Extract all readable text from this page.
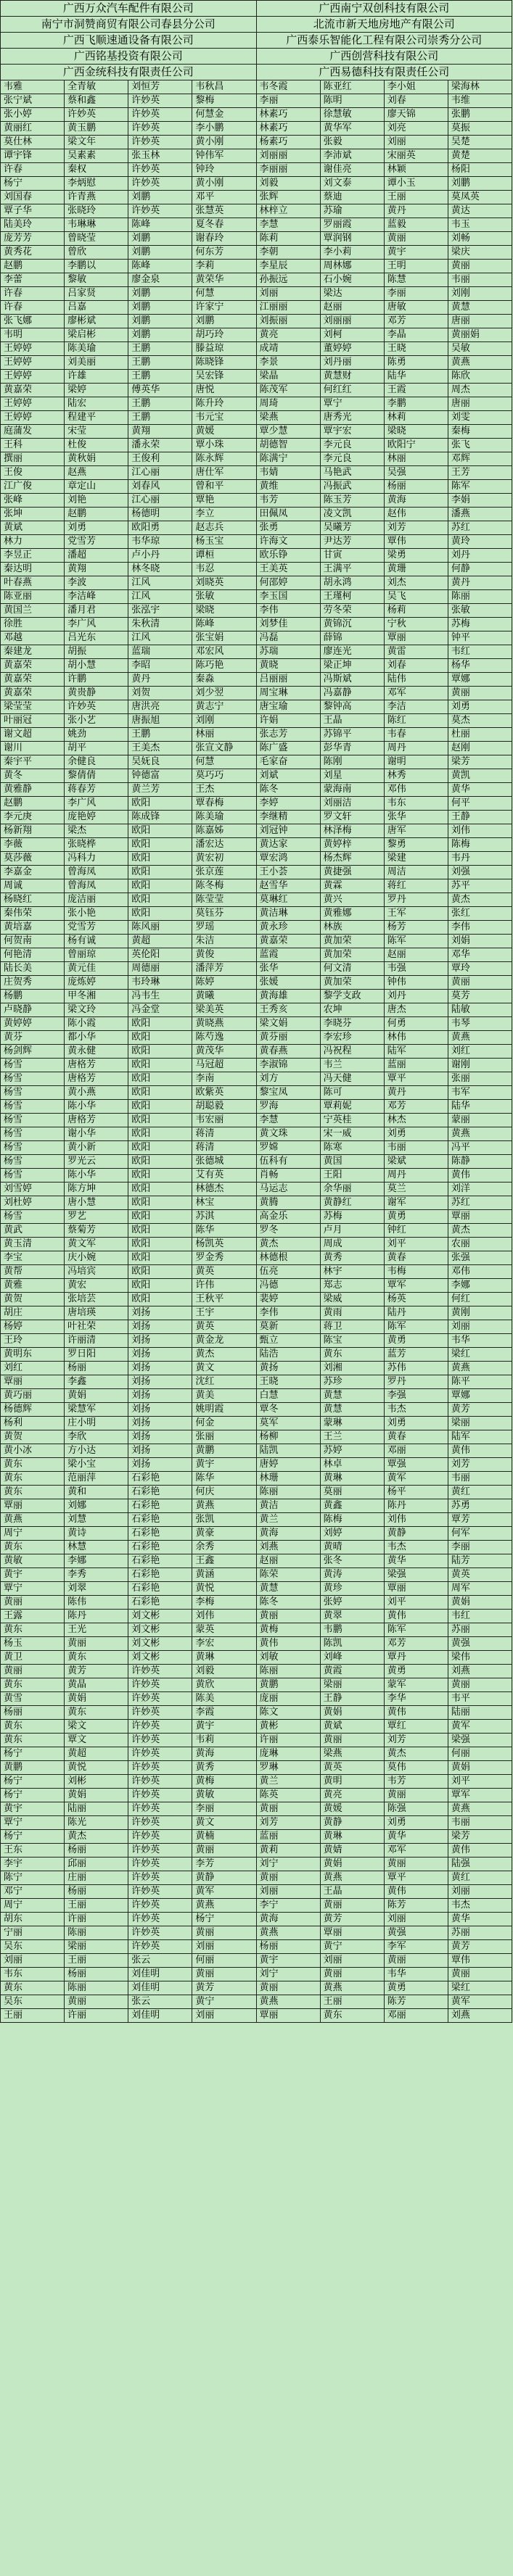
广西万众汽车配件有限公司	广西南宁双创科技有限公司
南宁市洞赞商贸有限公司春县分公司	北流市新天地房地产有限公司
广西飞顺速通设备有限公司	广西泰乐智能化工程有限公司崇秀分公司
广西铭基投资有限公司	广西创营科技有限公司
广西金统科技有限责任公司	广西易德科技有限责任公司
韦雅	全青敏	刘恒芳	韦秋昌	韦冬霞	陈亚红	李小姐	梁海林
张宁斌	蔡和鑫	许妙英	黎梅	李丽	陈明	刘春	韦维
张小婷	许妙英	许妙英	何慧金	林素巧	徐慧敏	廖天锦	张鹏
黄丽红	黄玉鹏	许妙英	李小鹏	林素巧	黄华军	刘亮	莫振
莫仕林	梁文年	许妙英	黄小刚	杨素巧	张毅	刘丽	吴楚
谭宇锋	吴素素	张玉林	钟伟军	刘丽丽	李沛斌	宋丽英	黄楚
许春	秦权	许妙英	钟玲	李丽丽	谢佳亮	林颖	杨阳
杨宁	李炳慰	许妙英	黄小刚	刘毅	刘文泰	谭小玉	刘鹏
刘国春	许青燕	刘鹏	邓平	张辉	蔡迪	王丽	莫凤英
覃子华	张晓玲	许妙英	张慧英	林梓立	苏瑜	黄丹	黄达
陆美玲	韦琳琳	陈峰	夏冬春	李慧	罗丽霞	蓝毅	韦玉
庞芳芳	曾晓莹	刘鹏	谢春玲	陈莉	覃润钢	黄丽	刘畅
黄秀花	曾欣	刘鹏	何东芳	李朝	李小莉	黄宇	梁庆
赵鹏	李鹏以	陈峰	李莉	李星辰	周林娜	王明	黄丽
李蕾	黎敏	廖金泉	黄荣华	孙振远	石小婉	陈慧	韦丽
许春	吕家贤	刘鹏	何慧	刘丽	梁达	李丽	刘刚
许春	吕嘉	刘鹏	许家宁	江丽丽	赵丽	唐敏	黄慧
张飞娜	廖彬斌	刘鹏	刘鹏	刘振丽	刘丽丽	邓芳	唐丽
韦明	梁启彬	刘鹏	胡巧玲	黄亮	刘柯	李晶	黄丽娟
王婷婷	陈美瑜	王鹏	滕益琼	成靖	董婷婷	王晓	吴敏
王婷婷	刘美丽	王鹏	陈晓锋	李景	刘丹丽	陈勇	黄燕
王婷婷	许雄	王鹏	吴宏锋	梁晶	黄慧财	陆华	陈欣
黄嘉荣	梁婷	傅英华	唐悦	陈茂军	何红红	王霞	周杰
王婷婷	陆宏	王鹏	陈升玲	周琦	覃宁	李鹏	唐丽
王婷婷	程建平	王鹏	韦元宝	梁燕	唐秀光	林莉	刘雯
庭蒲发	宋莹	黄翔	黄媛	覃少慧	覃宇宏	梁晓	秦梅
王科	杜俊	潘永荣	覃小珠	胡德智	李元良	欧阳宁	张飞
撰丽	黄秋娟	王俊利	陈永辉	陈满宁	李元良	林丽	邓辉
王俊	赵燕	江心丽	唐仕军	韦婧	马艳武	吴强	王芳
江广俊	章定山	刘春风	曾和平	黄维	冯振武	杨丽	陈军
张峰	刘艳	江心丽	覃艳	韦芳	陈玉芳	黄海	李娟
张坤	赵鹏	杨德明	李立	田佩凤	凌文凯	赵伟	潘燕
黄斌	刘勇	欧阳勇	赵志兵	张勇	吴曦芳	刘芳	苏红
林力	党雪芳	韦华琼	杨玉宝	许海文	尹达芳	覃伟	黄玲
李昱正	潘超	卢小丹	谭桓	欧乐铮	甘寅	梁勇	刘丹
秦达明	黄翔	林冬晓	韦忍	王美英	王满平	黄珊	何静
叶春燕	李波	江风	刘晓英	何邵婷	胡永鸿	刘杰	黄丹
陈亚丽	李洁峰	江风	张敏	李玉国	王瑾柯	吴飞	陈丽
黄国兰	潘月君	张泓宇	梁晓	李伟	劳冬荣	杨莉	张敏
徐胜	李广风	朱秋清	陈峰	刘梦佳	黄锦沉	宁秋	苏梅
邓越	吕光东	江风	张宝娟	冯磊	薛锦	覃丽	钟平
秦建龙	胡振	蓝瑞	邓宏风	苏瑞	廖连光	黄雷	韦红
黄嘉荣	胡小慧	李昭	陈巧艳	黄晓	梁正坤	刘春	杨华
黄嘉荣	许鹏	黄丹	秦淼	吕丽丽	冯斯斌	陆伟	覃娜
黄嘉荣	黄贵静	刘贺	刘少翌	周宝琳	冯嘉静	邓军	黄丽
梁莹莹	许妙英	唐洪亮	黄志宁	唐宝瑜	黎钟高	李洁	刘勇
叶丽冠	张小艺	唐振旭	刘刚	许娟	王晶	陈红	莫杰
谢文超	姚劲	王鹏	林丽	张志芳	苏锦平	韦春	杜丽
谢川	胡平	王美杰	张宣文静	陈广盛	彭华青	周丹	赵刚
秦宇平	余健良	吴妩良	何慧	毛家奋	陈刚	谢明	梁芳
黄冬	黎倩倩	钟德富	莫巧巧	刘斌	刘星	林秀	黄凯
黄雅静	蒋春芳	黄兰芳	王杰	陈冬	蒙海南	邓伟	黄华
赵鹏	李广风	欧阳	覃春梅	李婷	刘丽洁	韦东	何平
李元庚	庞艳婷	陈成锋	陈美瑜	李继精	罗文轩	张华	王静
杨新翔	梁杰	欧阳	陈嘉姊	刘冠钟	林泽梅	唐军	刘伟
李薇	张晓桦	欧阳	潘宏达	黄达家	黄婷梓	黎勇	陈梅
莫莎薇	冯科力	欧阳	黄宏初	覃宏鸿	杨杰辉	梁建	韦丹
李嘉金	曾海凤	欧阳	张京莲	王小荟	黄捷强	周洁	刘强
周诚	曾海凤	欧阳	陈冬梅	赵雪华	黄霖	蒋红	苏平
杨晓红	庞洁丽	欧阳	陈莹莹	莫琳红	黄兴	罗丹	黄杰
秦伟荣	张小艳	欧阳	莫钰芬	黄洁琳	黄雅娜	王军	张红
黄培嘉	党雪芳	陈风丽	罗瑶	黄永珍	林族	杨芳	李伟
何贺南	杨有诚	黄超	朱洁	黄嘉荣	黄加荣	陈军	刘娟
何艳清	曾丽琼	英伦阳	黄俊	蓝霞	黄加荣	赵丽	邓华
陆长美	黄元佳	周德丽	潘萍芳	张华	何文清	韦强	覃玲
庄贺秀	庞炼婷	韦玲琳	陈婷	张媛	黄加荣	钟伟	黄丽
杨鹏	甲冬湘	冯韦生	黄曦	黄海雄	黎学支政	刘丹	莫芳
卢晓静	梁文玲	冯金堂	梁美英	王秀亥	农坤	唐杰	陆敏
黄婷婷	陈小霞	欧阳	黄晓燕	梁文娟	李晓芬	何勇	韦琴
黄芬	都小华	欧阳	陈芍逸	黄芬丽	李宏珍	林伟	黄燕
杨剑辉	黄永健	欧阳	黄茂华	黄春燕	冯祝程	陆军	刘红
杨雪	唐格芳	欧阳	马冠超	李淑锦	韦兰	蓝丽	谢刚
杨雪	唐格芳	欧阳	李南	刘方	冯天健	覃平	张丽
杨雪	黄小燕	欧阳	欧紫英	黎宝凤	陈可	黄丹	韦军
杨雪	陈小华	欧阳	胡聪毅	罗海	覃莉妮	邓芳	陆华
杨雪	唐格芳	欧阳	韦宏丽	李慧	宁英桂	林杰	蒙丽
杨雪	谢小华	欧阳	蒋清	黄文珠	宋一威	刘勇	黄燕
杨雪	黄小新	欧阳	蒋清	罗嫦	陈寒	韦丽	冯平
杨雪	罗光云	欧阳	张德城	伍科有	黄国	梁斌	陈静
杨雪	陈小华	欧阳	艾有英	肖畅	王阳	周丹	黄伟
刘雪婷	陈方坤	欧阳	林德杰	马运志	余华丽	莫兰	刘洋
刘杜婷	唐小慧	欧阳	林宝	黄腾	黄静红	谢军	苏红
杨雪	罗艺	欧阳	苏淇	高金乐	苏梅	黄勇	覃丽
黄武	蔡菊芳	欧阳	陈华	罗冬	卢月	钟红	黄杰
黄玉清	黄文军	欧阳	杨凯英	黄杰	周成	刘平	农丽
李宝	庆小婉	欧阳	罗金秀	林德根	黄秀	黄春	张强
黄帮	冯培宾	欧阳	黄英	伍亮	林宇	韦梅	邓伟
黄雅	黄宏	欧阳	许伟	冯德	郑志	覃军	李娜
黄贺	张培芸	欧阳	王秋平	裴婷	梁威	杨英	何红
胡庄	唐培瑛	刘扬	王宇	李伟	黄雨	陆丹	黄刚
杨婷	叶社荣	刘扬	黄英	莫新	蒋卫	陈军	刘丽
王玲	许丽清	刘扬	黄金龙	甄立	陈宝	黄勇	韦华
黄明东	罗日阳	刘扬	黄杰	陆浩	黄东	蓝芳	梁红
刘红	杨丽	刘扬	黄文	黄扬	刘湘	苏伟	黄燕
覃丽	李鑫	刘扬	沈红	王晓	苏珍	罗丹	陈平
黄巧丽	黄娟	刘扬	黄美	白慧	黄慧	李强	覃娜
杨德辉	梁慧军	刘扬	姚明霞	覃冬	黄慧	韦杰	黄芳
杨利	庄小明	刘扬	何金	莫军	蒙琳	刘勇	梁丽
黄贺	李欣	刘扬	张丽	杨柳	王兰	黄春	陆军
黄小冰	方小达	刘扬	黄鹏	陆凯	苏婷	邓丽	黄伟
黄东	梁小宝	刘扬	黄宇	唐婷	林卓	覃强	刘芳
黄东	范丽萍	石彩艳	陈华	林珊	黄琳	黄军	韦丽
黄东	黄和	石彩艳	何庆	陈丽	莫丽	杨平	黄红
覃丽	刘娜	石彩艳	黄燕	黄洁	黄鑫	陈丹	苏勇
黄燕	刘慧	石彩艳	张凯	黄兰	陈梅	刘伟	覃芳
周宁	黄诗	石彩艳	黄豪	黄海	刘婷	黄静	何军
黄东	林慧	石彩艳	余秀	刘燕	黄晴	韦杰	李丽
黄敏	李娜	石彩艳	王鑫	赵丽	张冬	黄华	陆芳
黄宇	李秀	石彩艳	黄涵	陈荣	黄涛	梁强	黄英
覃宁	刘翠	石彩艳	黄悦	黄慧	黄珍	覃丽	周军
黄丽	陈伟	石彩艳	李梅	陈冬	张婷	刘平	黄娟
王露	陈丹	刘文彬	刘伟	黄丽	黄翠	黄伟	韦红
黄东	王光	刘文彬	蒙英	黄梅	韦鹏	陈军	苏丽
杨玉	黄丽	刘文彬	李宏	黄伟	陈凯	邓芳	黄强
黄卫	黄东	刘文彬	黄琳	刘敏	刘峰	覃丹	梁伟
黄丽	黄芳	许妙英	刘毅	陈丽	黄霞	黄勇	刘燕
黄东	黄晶	许妙英	黄欣	黄鹏	梁丽	蒙军	黄丽
黄雪	黄娟	许妙英	陈美	庞丽	王静	李华	韦平
杨丽	黄东	许妙英	李霞	陈文	黄娟	黄伟	陆丽
黄东	梁文	许妙英	黄宇	黄彬	黄斌	覃红	黄军
黄东	覃文	许妙英	韦莉	许丽	黄丽	刘芳	梁强
杨宁	黄超	许妙英	黄海	庞琳	梁燕	黄杰	何丽
黄鹏	黄悦	许妙英	黄秀	罗琳	黄英	莫伟	黄娟
杨宁	刘彬	许妙英	黄梅	黄兰	黄明	韦芳	刘平
杨宁	黄娟	许妙英	黄敏	陈英	黄亮	黄丽	覃军
黄宇	陆丽	许妙英	李丽	黄丽	黄媛	陈强	黄燕
覃宁	陈光	许妙英	黄文	刘芳	黄静	刘勇	韦丽
杨宁	黄杰	许妙英	黄楠	蓝丽	黄琳	黄华	梁芳
王东	杨丽	许妙英	黄丽	黄莉	黄婧	邓军	黄伟
李宇	邱丽	许妙英	李芳	刘宁	黄娟	黄丽	陆强
陈宁	庄丽	许妙英	黄静	黄丽	黄燕	覃平	黄红
邓宁	杨丽	许妙英	黄军	刘丽	王晶	黄伟	刘丽
周宁	王丽	许妙英	黄燕	李宁	黄丽	陈芳	韦杰
胡东	许丽	许妙英	杨宁	黄海	黄芳	刘丽	黄华
宁丽	陈丽	许妙英	黄丽	黄燕	覃丽	黄强	苏丽
吴东	梁丽	许妙英	刘丽	杨丽	黄宁	李军	黄芳
刘丽	王丽	张云	何丽	黄宇	刘丽	黄丽	覃伟
韦东	杨丽	刘佳明	黄丽	刘宁	黄丽	韦华	黄丽
黄东	陈丽	刘佳明	黄芳	黄丽	黄燕	黄勇	梁红
吴东	黄丽	张云	黄宁	黄燕	王丽	陈芳	黄军
王丽	许丽	刘佳明	刘丽	覃丽	黄东	邓丽	刘燕
